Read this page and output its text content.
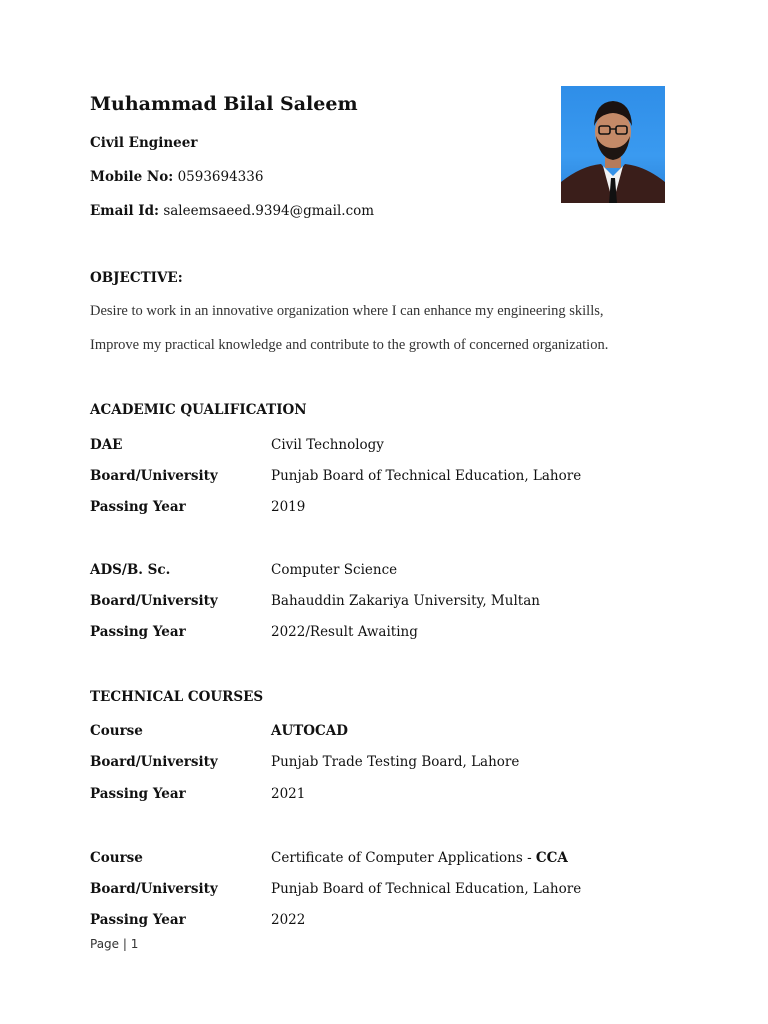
Muhammad Bilal Saleem
Civil Engineer
Mobile No: 0593694336
Email Id: saleemsaeed.9394@gmail.com
OBJECTIVE:
Desire to work in an innovative organization where I can enhance my engineering skills,
Improve my practical knowledge and contribute to the growth of concerned organization.
ACADEMIC QUALIFICATION
DAE	Civil Technology
Board/University	Punjab Board of Technical Education, Lahore
Passing Year	2019
ADS/B. Sc.	Computer Science
Board/University	Bahauddin Zakariya University, Multan
Passing Year	2022/Result Awaiting
TECHNICAL COURSES
Course	AUTOCAD
Board/University	Punjab Trade Testing Board, Lahore
Passing Year	2021
Course	Certificate of Computer Applications - CCA
Board/University	Punjab Board of Technical Education, Lahore
Passing Year	2022
Page | 1
